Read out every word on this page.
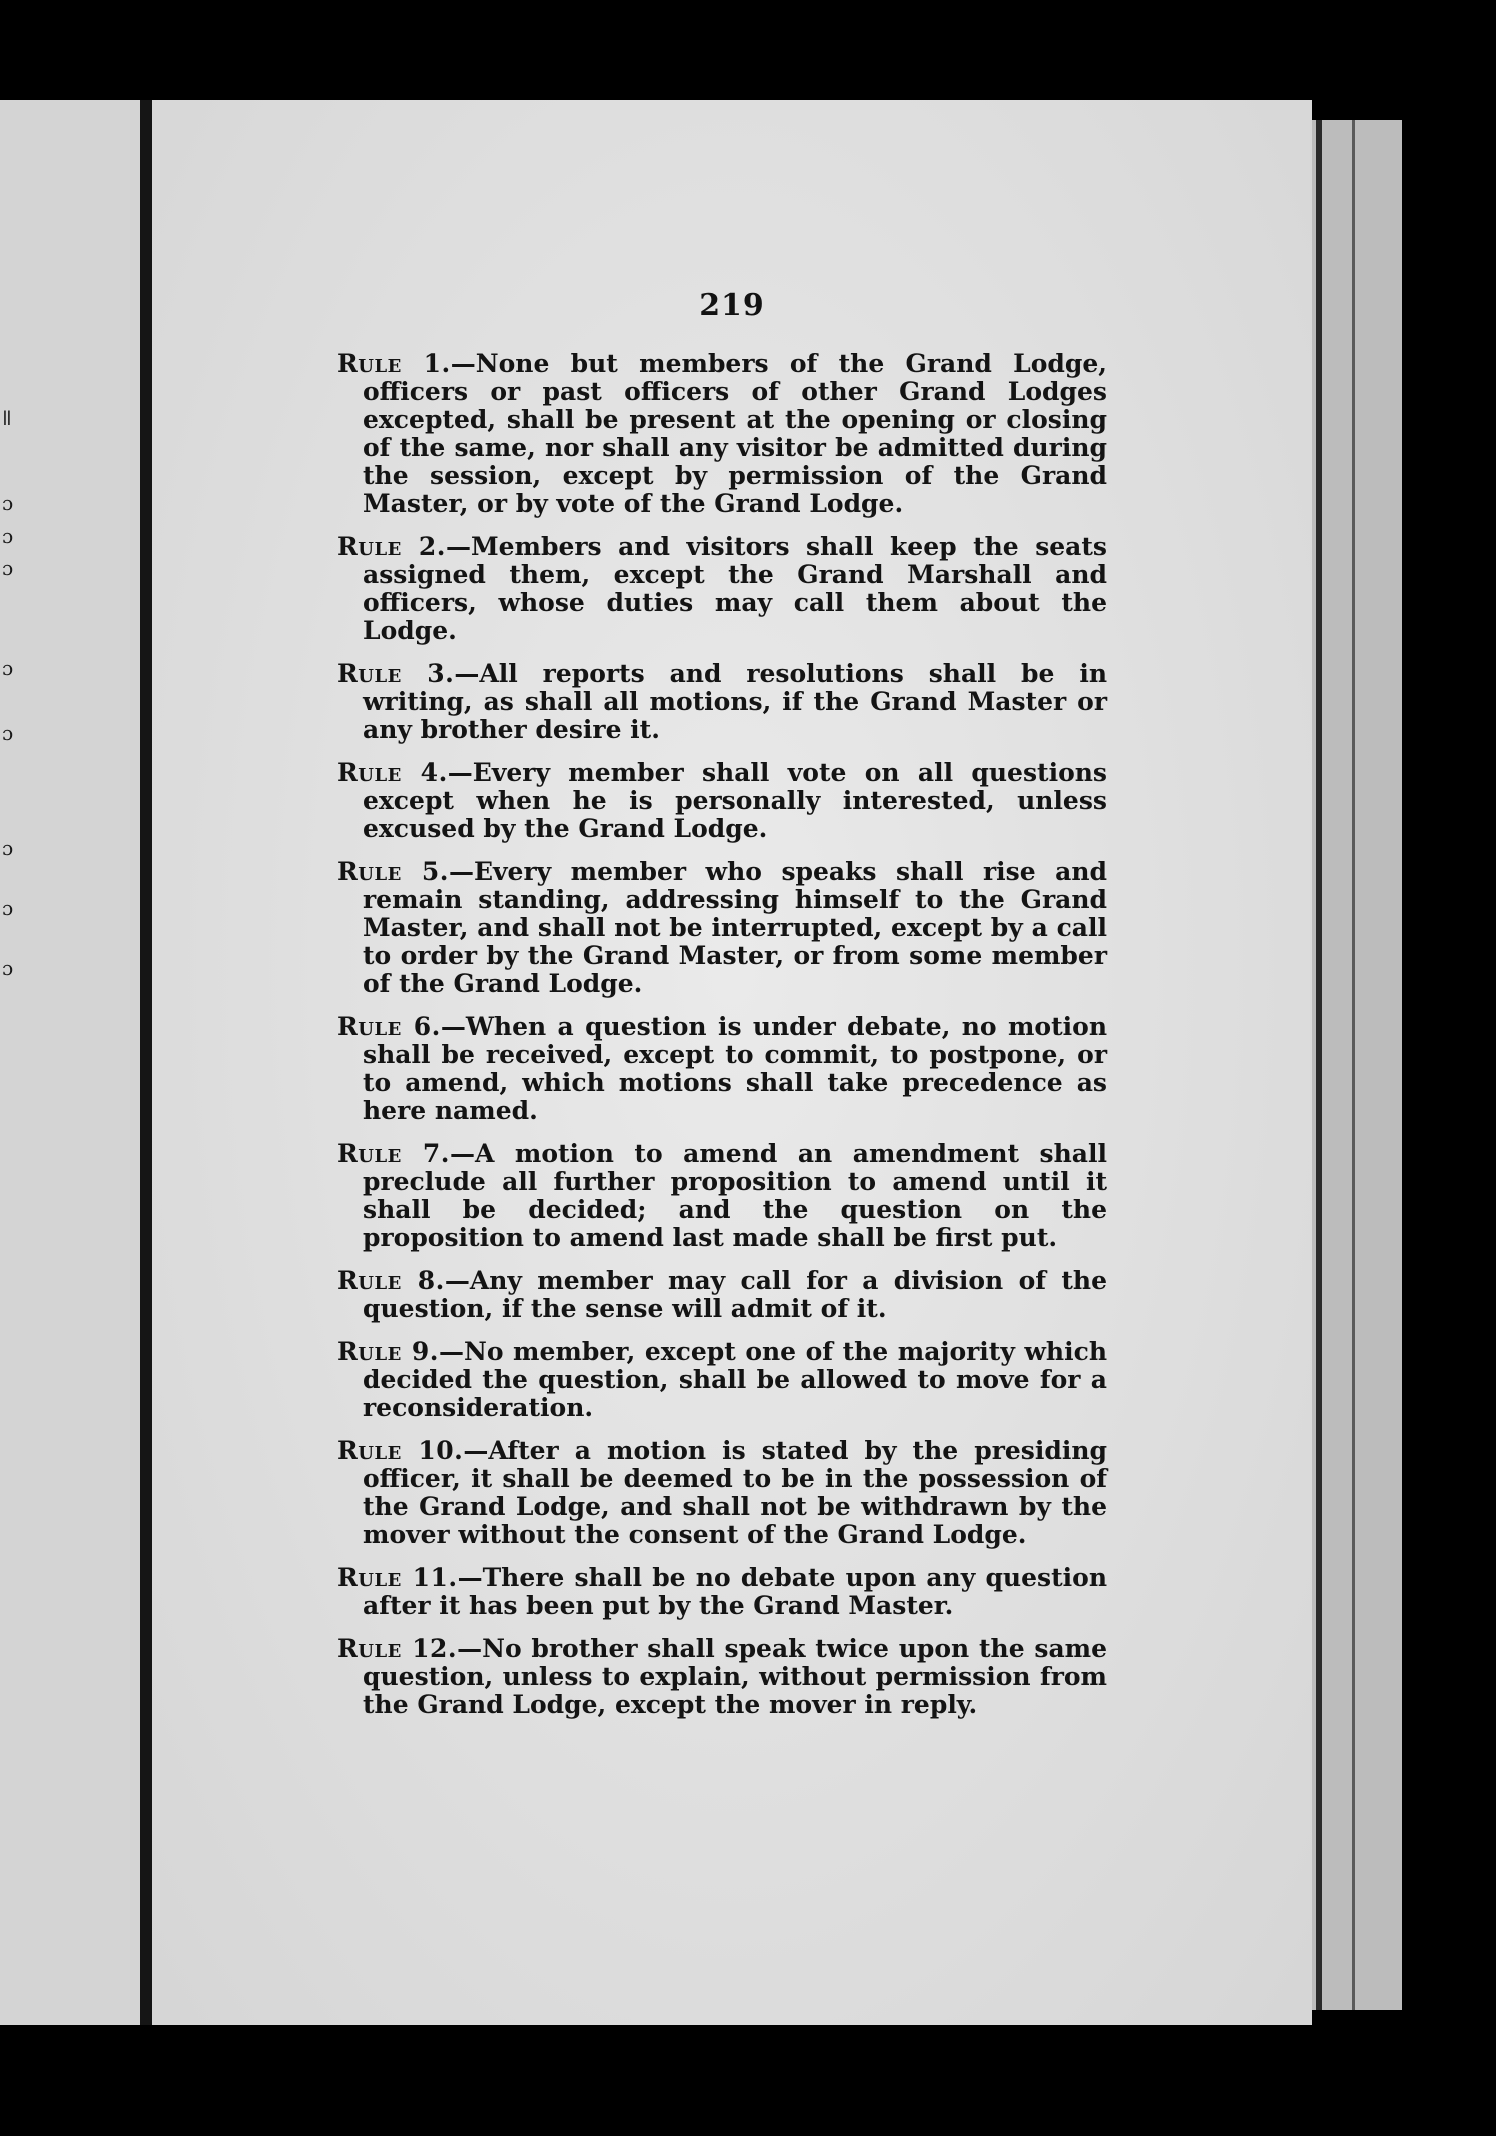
ǁ
ɔ
ɔ
ɔ
ɔ
ɔ
ɔ
ɔ
ɔ
219

Rule 1.—None but members of the Grand Lodge, officers or past officers of other Grand Lodges excepted, shall be present at the opening or closing of the same, nor shall any visitor be admitted during the session, except by permission of the Grand Master, or by vote of the Grand Lodge.

Rule 2.—Members and visitors shall keep the seats assigned them, except the Grand Marshall and officers, whose duties may call them about the Lodge.

Rule 3.—All reports and resolutions shall be in writing, as shall all motions, if the Grand Master or any brother desire it.

Rule 4.—Every member shall vote on all questions except when he is personally interested, unless excused by the Grand Lodge.

Rule 5.—Every member who speaks shall rise and remain standing, addressing himself to the Grand Master, and shall not be interrupted, except by a call to order by the Grand Master, or from some member of the Grand Lodge.

Rule 6.—When a question is under debate, no motion shall be received, except to commit, to postpone, or to amend, which motions shall take precedence as here named.

Rule 7.—A motion to amend an amendment shall preclude all further proposition to amend until it shall be decided; and the question on the proposition to amend last made shall be first put.

Rule 8.—Any member may call for a division of the question, if the sense will admit of it.

Rule 9.—No member, except one of the majority which decided the question, shall be allowed to move for a reconsideration.

Rule 10.—After a motion is stated by the presiding officer, it shall be deemed to be in the possession of the Grand Lodge, and shall not be withdrawn by the mover without the consent of the Grand Lodge.

Rule 11.—There shall be no debate upon any question after it has been put by the Grand Master.

Rule 12.—No brother shall speak twice upon the same question, unless to explain, without permission from the Grand Lodge, except the mover in reply.
